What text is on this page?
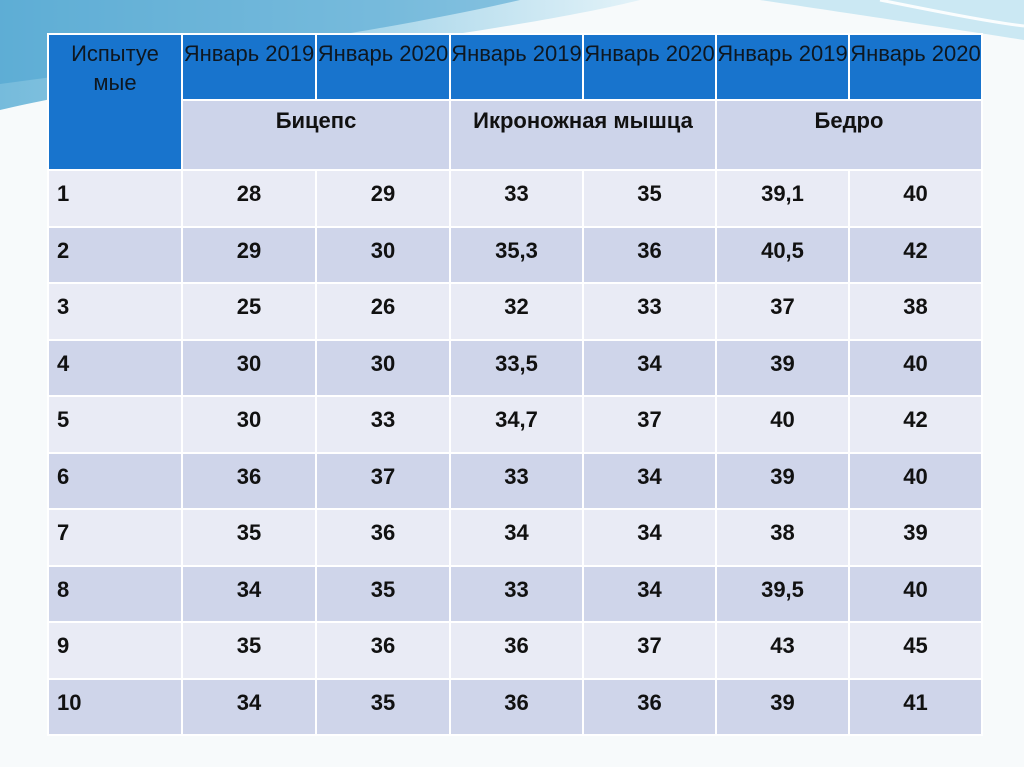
Испытуе мые	Январь 2019	Январь 2020	Январь 2019	Январь 2020	Январь 2019	Январь 2020
	Бицепс		Икроножная мышца		Бедро	
1	28	29	33	35	39,1	40
2	29	30	35,3	36	40,5	42
3	25	26	32	33	37	38
4	30	30	33,5	34	39	40
5	30	33	34,7	37	40	42
6	36	37	33	34	39	40
7	35	36	34	34	38	39
8	34	35	33	34	39,5	40
9	35	36	36	37	43	45
10	34	35	36	36	39	41
